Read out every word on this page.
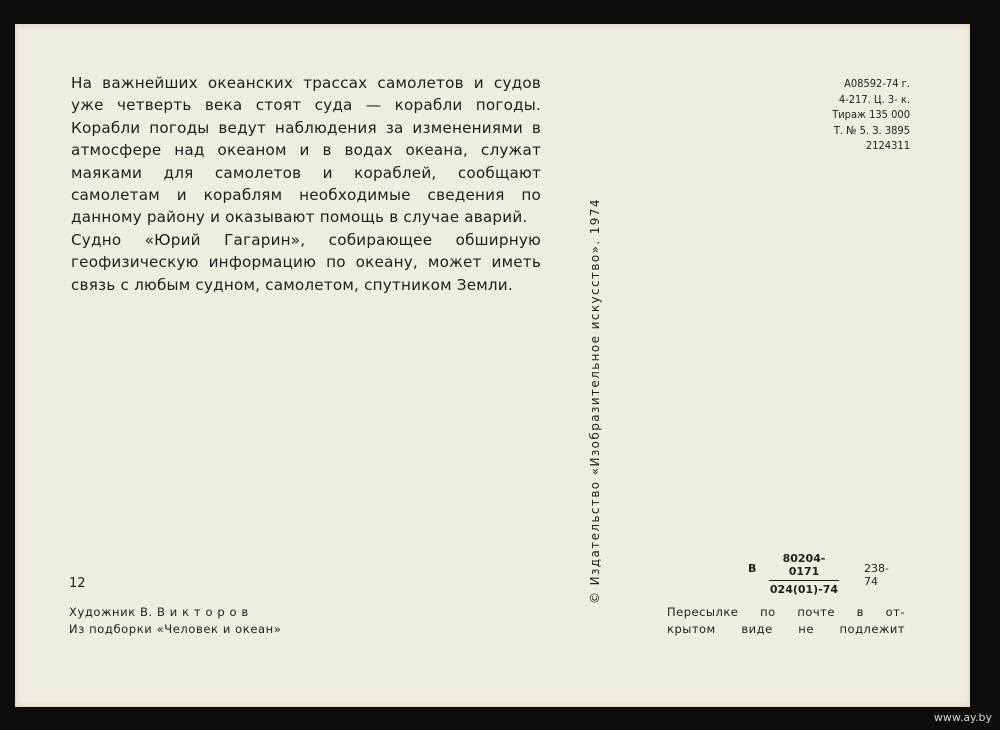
На важнейших океанских трассах самолетов и судов уже четверть века стоят суда — корабли погоды. Корабли погоды ведут наблюдения за изменениями в атмосфере над океаном и в водах океана, служат маяками для самолетов и кораблей, сообщают самолетам и кораблям необходимые сведения по данному району и оказывают помощь в случае аварий.

Судно «Юрий Гагарин», собирающее обширную геофизическую информацию по океану, может иметь связь с любым судном, самолетом, спутником Земли.

А08592-74 г.
4-217. Ц. 3- к.
Тираж 135 000
Т. № 5. З. 3895
2124311
© Издательство «Изобразительное искусство». 1974
12
Художник В. В и к т о р о в
Из подборки «Человек и океан»
В $\frac{80204-0171}{024(01)-74} 238-74$
Пересылке по почте в от-
крытом виде не подлежит
www.ay.by
